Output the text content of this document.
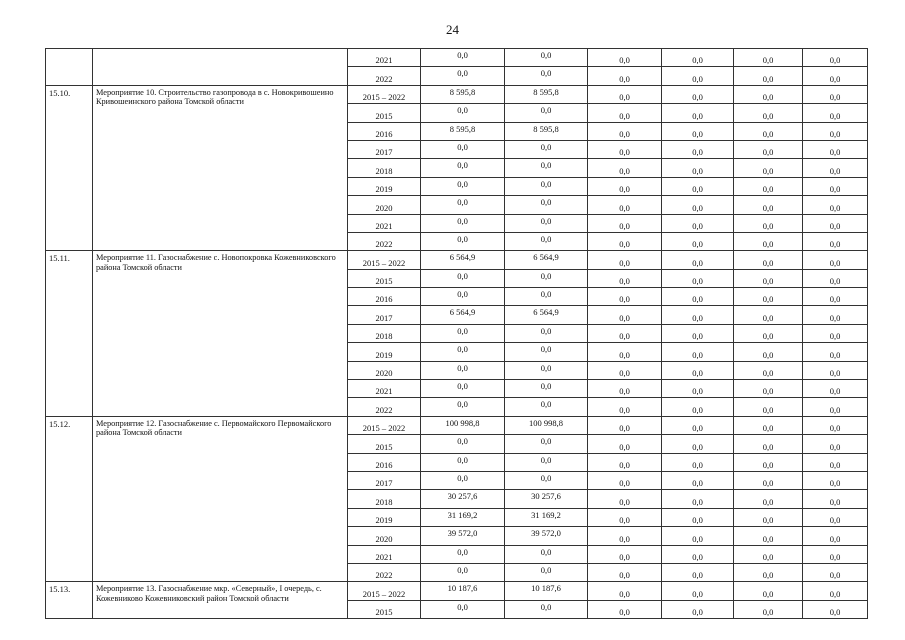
24
		2021	0,0	0,0	0,0	0,0	0,0	0,0
		2022	0,0	0,0	0,0	0,0	0,0	0,0
15.10.	Мероприятие 10. Строительство газопровода в с. Новокривошеино Кривошеинского района Томской области	2015 – 2022	8 595,8	8 595,8	0,0	0,0	0,0	0,0
		2015	0,0	0,0	0,0	0,0	0,0	0,0
		2016	8 595,8	8 595,8	0,0	0,0	0,0	0,0
		2017	0,0	0,0	0,0	0,0	0,0	0,0
		2018	0,0	0,0	0,0	0,0	0,0	0,0
		2019	0,0	0,0	0,0	0,0	0,0	0,0
		2020	0,0	0,0	0,0	0,0	0,0	0,0
		2021	0,0	0,0	0,0	0,0	0,0	0,0
		2022	0,0	0,0	0,0	0,0	0,0	0,0
15.11.	Мероприятие 11. Газоснабжение с. Новопокровка Кожевниковского района Томской области	2015 – 2022	6 564,9	6 564,9	0,0	0,0	0,0	0,0
		2015	0,0	0,0	0,0	0,0	0,0	0,0
		2016	0,0	0,0	0,0	0,0	0,0	0,0
		2017	6 564,9	6 564,9	0,0	0,0	0,0	0,0
		2018	0,0	0,0	0,0	0,0	0,0	0,0
		2019	0,0	0,0	0,0	0,0	0,0	0,0
		2020	0,0	0,0	0,0	0,0	0,0	0,0
		2021	0,0	0,0	0,0	0,0	0,0	0,0
		2022	0,0	0,0	0,0	0,0	0,0	0,0
15.12.	Мероприятие 12. Газоснабжение с. Первомайского Первомайского района Томской области	2015 – 2022	100 998,8	100 998,8	0,0	0,0	0,0	0,0
		2015	0,0	0,0	0,0	0,0	0,0	0,0
		2016	0,0	0,0	0,0	0,0	0,0	0,0
		2017	0,0	0,0	0,0	0,0	0,0	0,0
		2018	30 257,6	30 257,6	0,0	0,0	0,0	0,0
		2019	31 169,2	31 169,2	0,0	0,0	0,0	0,0
		2020	39 572,0	39 572,0	0,0	0,0	0,0	0,0
		2021	0,0	0,0	0,0	0,0	0,0	0,0
		2022	0,0	0,0	0,0	0,0	0,0	0,0
15.13.	Мероприятие 13. Газоснабжение мкр. «Северный», I очередь, с. Кожевниково Кожевниковский район Томской области	2015 – 2022	10 187,6	10 187,6	0,0	0,0	0,0	0,0
		2015	0,0	0,0	0,0	0,0	0,0	0,0
